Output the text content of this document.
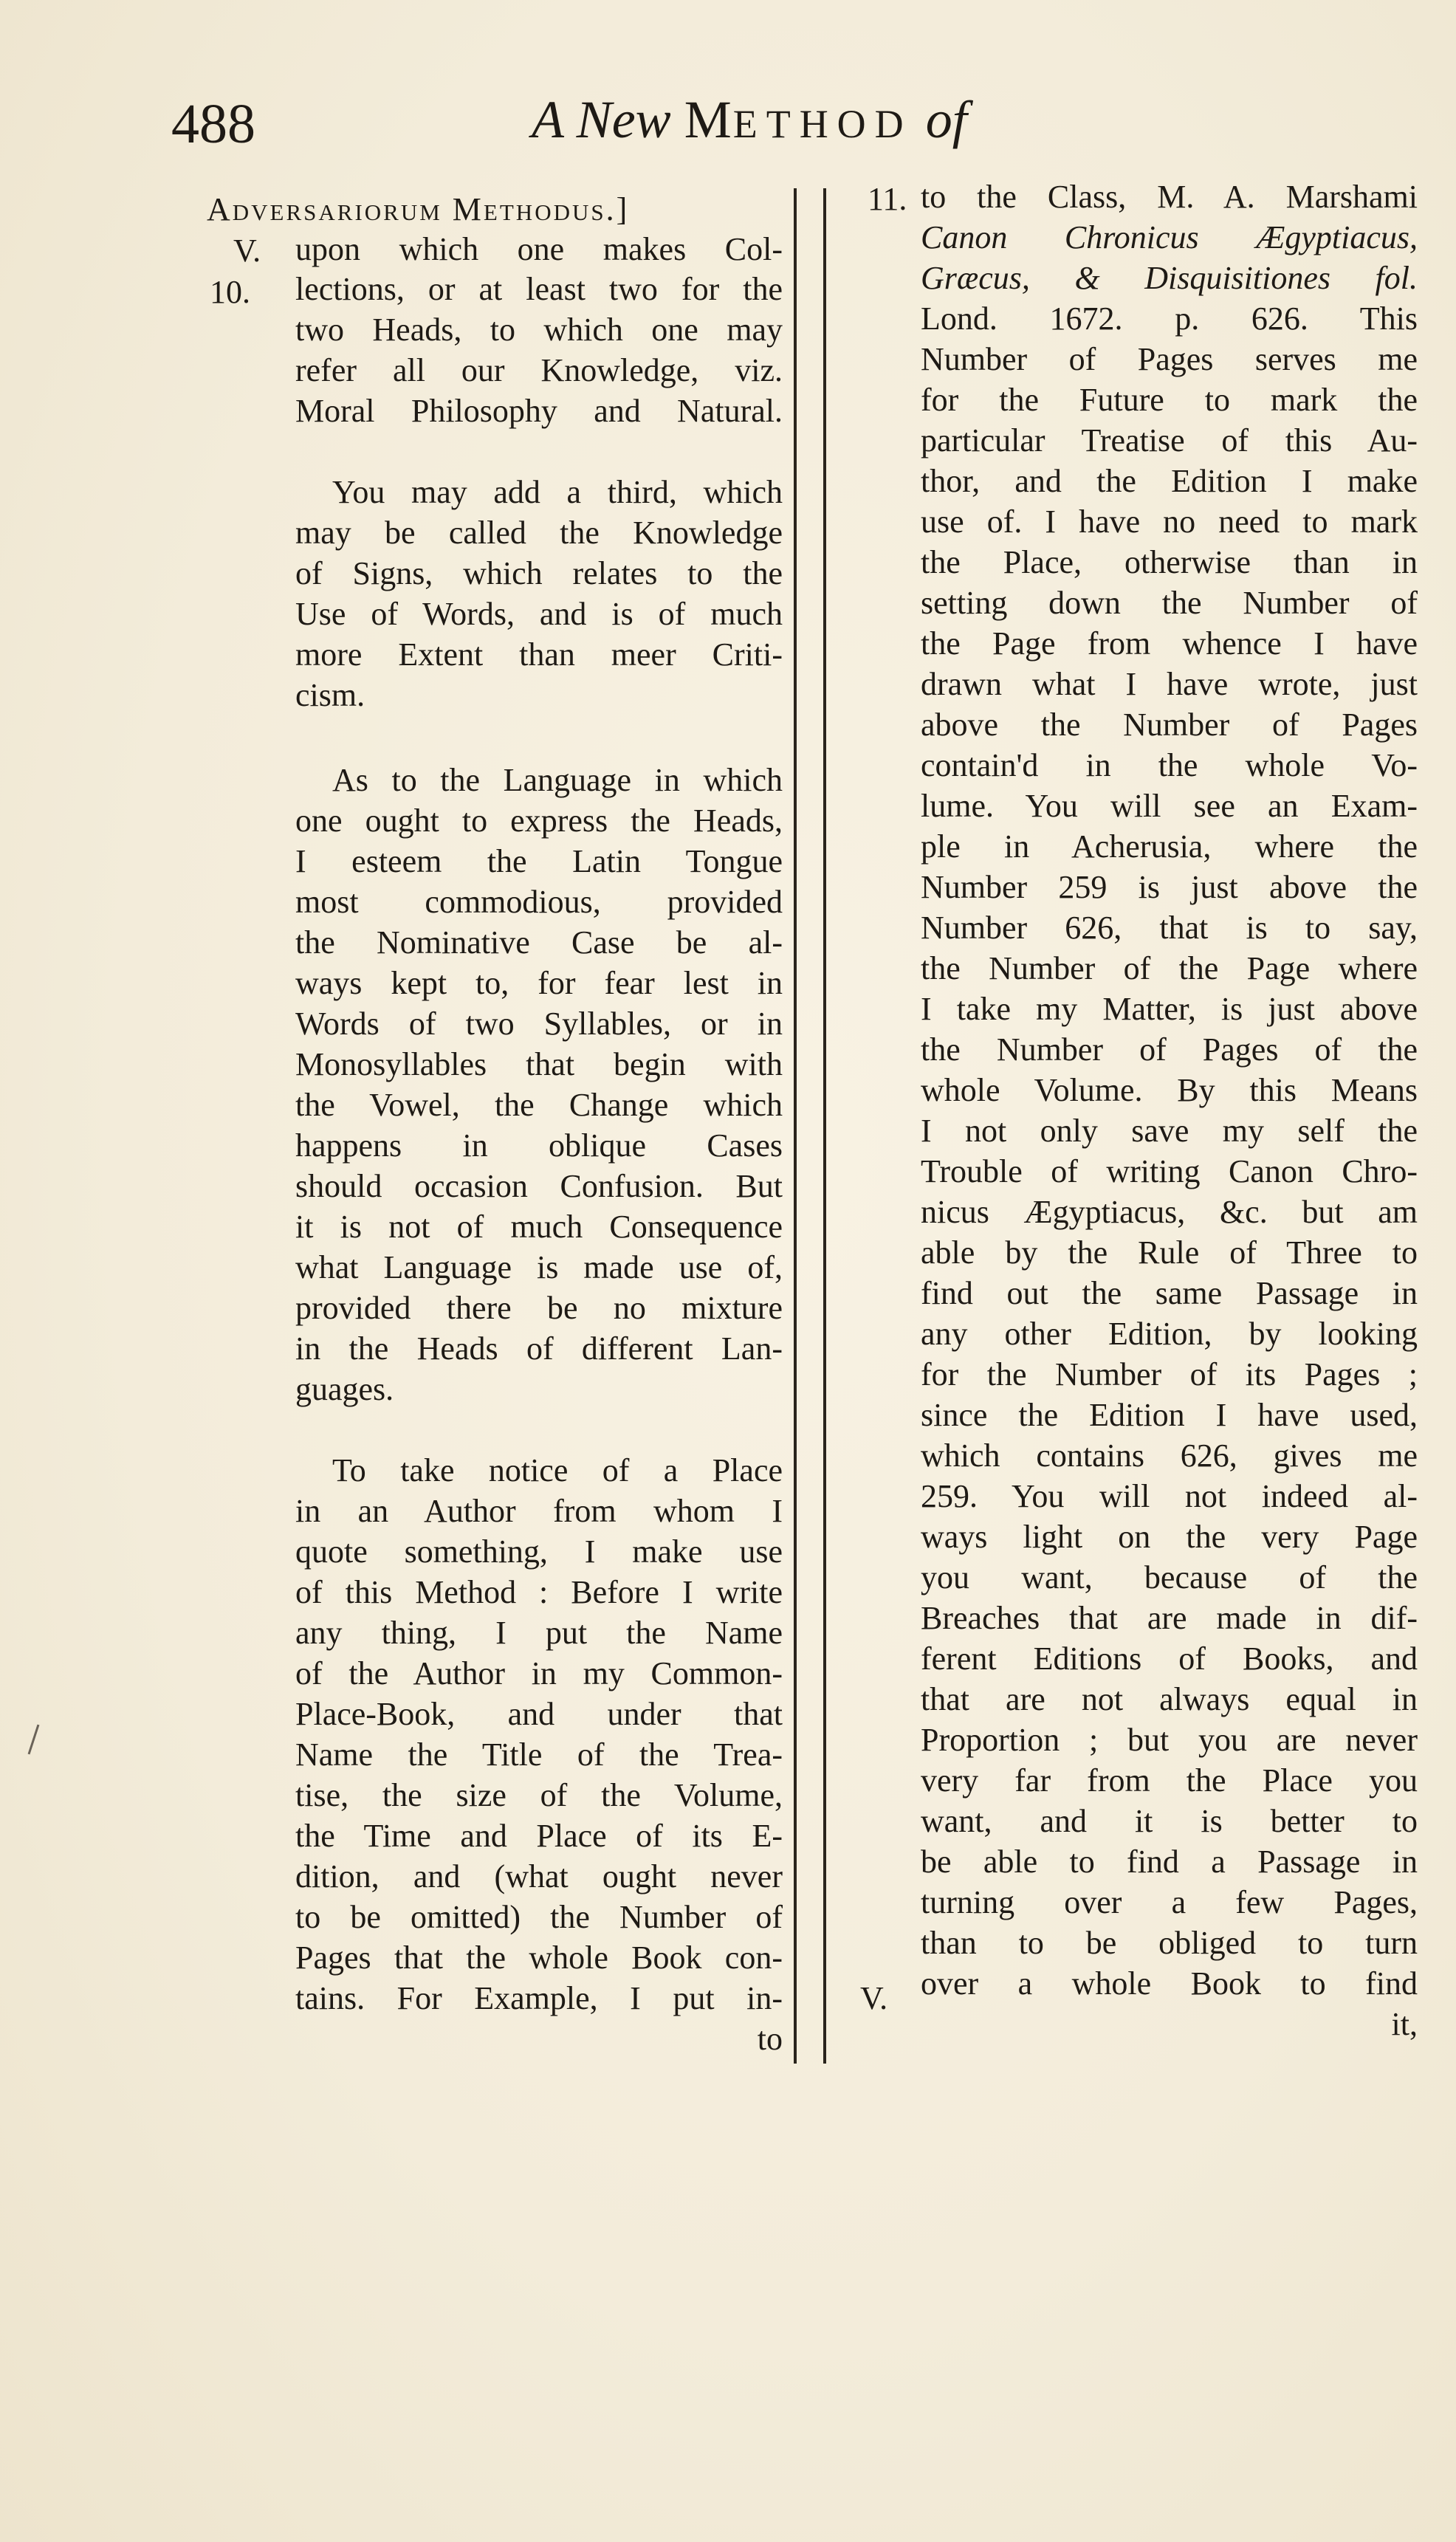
488	A New METHOD of
Adversariorum Methodus.]
V.
10.
upon which one makes Col-
lections, or at least two for the
two Heads, to which one may
refer all our Knowledge, viz.
Moral Philosophy and Natural.
You may add a third, which
may be called the Knowledge
of Signs, which relates to the
Use of Words, and is of much
more Extent than meer Criti-
cism.
As to the Language in which
one ought to express the Heads,
I esteem the Latin Tongue
most commodious, provided
the Nominative Case be al-
ways kept to, for fear lest in
Words of two Syllables, or in
Monosyllables that begin with
the Vowel, the Change which
happens in oblique Cases
should occasion Confusion. But
it is not of much Consequence
what Language is made use of,
provided there be no mixture
in the Heads of different Lan-
guages.
To take notice of a Place
in an Author from whom I
quote something, I make use
of this Method : Before I write
any thing, I put the Name
of the Author in my Common-
Place-Book, and under that
Name the Title of the Trea-
tise, the size of the Volume,
the Time and Place of its E-
dition, and (what ought never
to be omitted) the Number of
Pages that the whole Book con-
tains. For Example, I put in-
to
11.
V.
to the Class, M. A. Marshami
Canon Chronicus Ægyptiacus,
Græcus, & Disquisitiones fol.
Lond. 1672. p. 626. This
Number of Pages serves me
for the Future to mark the
particular Treatise of this Au-
thor, and the Edition I make
use of. I have no need to mark
the Place, otherwise than in
setting down the Number of
the Page from whence I have
drawn what I have wrote, just
above the Number of Pages
contain'd in the whole Vo-
lume. You will see an Exam-
ple in Acherusia, where the
Number 259 is just above the
Number 626, that is to say,
the Number of the Page where
I take my Matter, is just above
the Number of Pages of the
whole Volume. By this Means
I not only save my self the
Trouble of writing Canon Chro-
nicus Ægyptiacus, &c. but am
able by the Rule of Three to
find out the same Passage in
any other Edition, by looking
for the Number of its Pages ;
since the Edition I have used,
which contains 626, gives me
259. You will not indeed al-
ways light on the very Page
you want, because of the
Breaches that are made in dif-
ferent Editions of Books, and
that are not always equal in
Proportion ; but you are never
very far from the Place you
want, and it is better to
be able to find a Passage in
turning over a few Pages,
than to be obliged to turn
over a whole Book to find
it,
